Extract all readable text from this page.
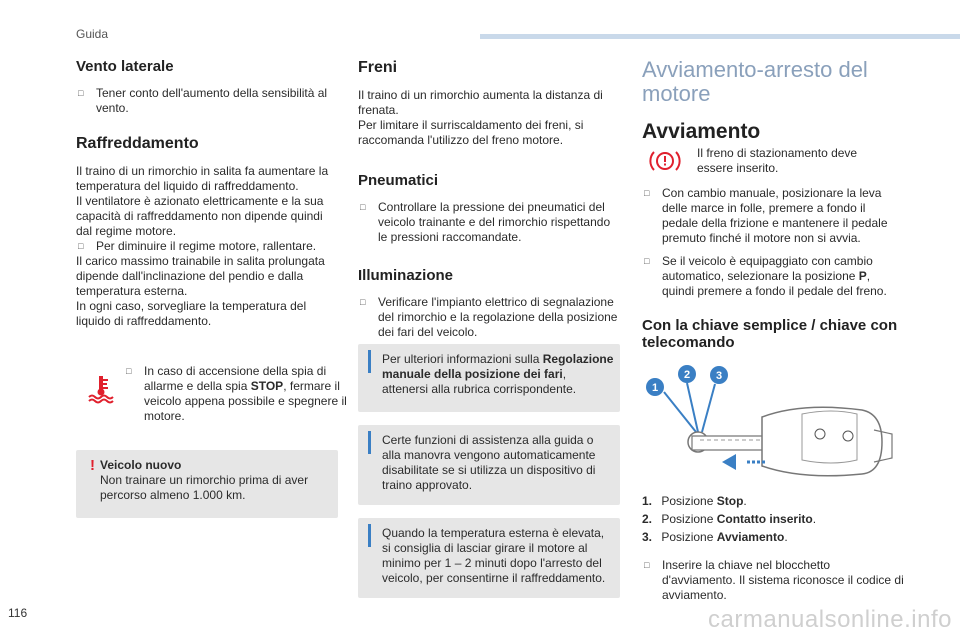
Guida
116	carmanualsonline.info
Vento laterale

□ Tener conto dell'aumento della sensibilità al vento.

Raffreddamento

Il traino di un rimorchio in salita fa aumentare la temperatura del liquido di raffreddamento.

Il ventilatore è azionato elettricamente e la sua capacità di raffreddamento non dipende quindi dal regime motore.

□ Per diminuire il regime motore, rallentare.

Il carico massimo trainabile in salita prolungata dipende dall'inclinazione del pendio e dalla temperatura esterna.

In ogni caso, sorvegliare la temperatura del liquido di raffreddamento.

□ In caso di accensione della spia di allarme e della spia STOP, fermare il veicolo appena possibile e spegnere il motore.

! Veicolo nuovo

Non trainare un rimorchio prima di aver percorso almeno 1.000 km.

Freni

Il traino di un rimorchio aumenta la distanza di frenata.

Per limitare il surriscaldamento dei freni, si raccomanda l'utilizzo del freno motore.

Pneumatici

□ Controllare la pressione dei pneumatici del veicolo trainante e del rimorchio rispettando le pressioni raccomandate.

Illuminazione

□ Verificare l'impianto elettrico di segnalazione del rimorchio e la regolazione della posizione dei fari del veicolo.

Per ulteriori informazioni sulla Regolazione manuale della posizione dei fari, attenersi alla rubrica corrispondente.

Certe funzioni di assistenza alla guida o alla manovra vengono automaticamente disabilitate se si utilizza un dispositivo di traino approvato.

Quando la temperatura esterna è elevata, si consiglia di lasciar girare il motore al minimo per 1 – 2 minuti dopo l'arresto del veicolo, per consentirne il raffreddamento.

Avviamento-arresto del motore
Avviamento

Il freno di stazionamento deve essere inserito.

□ Con cambio manuale, posizionare la leva delle marce in folle, premere a fondo il pedale della frizione e mantenere il pedale premuto finché il motore non si avvia.

□ Se il veicolo è equipaggiato con cambio automatico, selezionare la posizione P, quindi premere a fondo il pedale del freno.

Con la chiave semplice / chiave con telecomando
1
2 3

1. Posizione Stop.

2. Posizione Contatto inserito.

3. Posizione Avviamento.

□ Inserire la chiave nel blocchetto d'avviamento. Il sistema riconosce il codice di avviamento.
